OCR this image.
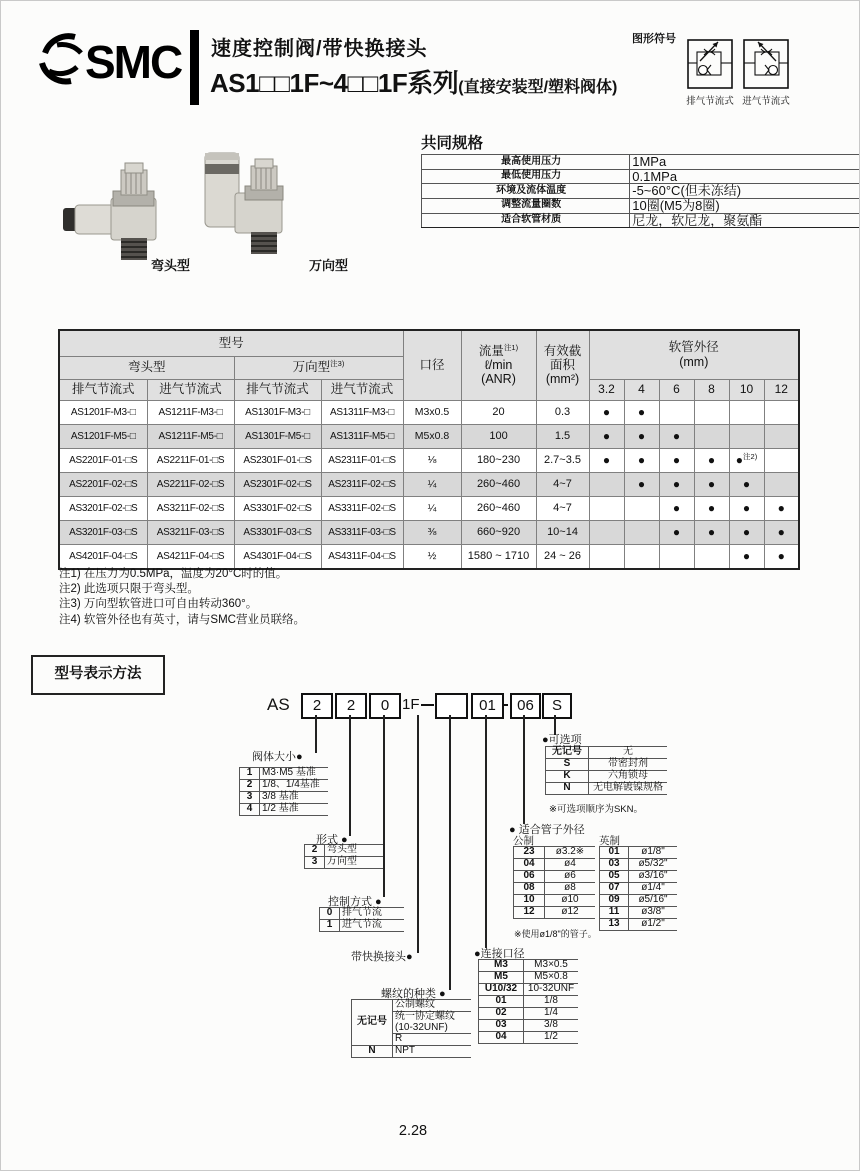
SMC 速度控制阀/带快换接头
AS1□□1F~4□□1F系列(直接安装型/塑料阀体)
图形符号
排气节流式 进气节流式
弯头型	万向型
共同规格
最高使用压力	1MPa
最低使用压力	0.1MPa
环境及流体温度	-5~60°C(但未冻结)
调整流量圈数	10圈(M5为8圈)
适合软管材质	尼龙，软尼龙，聚氨酯
型号				口径	流量$^{注1)}$
ℓ/min
(ANR)	有效截
面积
(mm²)	软管外径
(mm)					
弯头型		万向型$^{注3)}$
排气节流式	进气节流式	排气节流式	进气节流式				3.2	4	6	8	10	12
AS1201F-M3-□	AS1211F-M3-□	AS1301F-M3-□	AS1311F-M3-□	M3x0.5	20	0.3	●	●				
AS1201F-M5-□	AS1211F-M5-□	AS1301F-M5-□	AS1311F-M5-□	M5x0.8	100	1.5	●	●	●			
AS2201F-01-□S	AS2211F-01-□S	AS2301F-01-□S	AS2311F-01-□S	⅛	180~230	2.7~3.5	●	●	●	●	●$^{注2)}$	
AS2201F-02-□S	AS2211F-02-□S	AS2301F-02-□S	AS2311F-02-□S	¼	260~460	4~7		●	●	●	●	
AS3201F-02-□S	AS3211F-02-□S	AS3301F-02-□S	AS3311F-02-□S	¼	260~460	4~7			●	●	●	●
AS3201F-03-□S	AS3211F-03-□S	AS3301F-03-□S	AS3311F-03-□S	⅜	660~920	10~14			●	●	●	●
AS4201F-04-□S	AS4211F-04-□S	AS4301F-04-□S	AS4311F-04-□S	½	1580 ~ 1710	24 ~ 26					●	●
注1) 在压力为0.5MPa，温度为20°C时的值。
注2) 此选项只限于弯头型。
注3) 万向型软管进口可自由转动360°。
注4) 软管外径也有英寸，请与SMC营业员联络。
型号表示方法
AS	2	2	0 1F	01	06	S
阀体大小●
形式 ●
控制方式 ●
带快换接头●
螺纹的种类 ●
●连接口径
● 适合管子外径
●可选项
公制	英制
1	M3·M5 基准
2	1/8、1/4基准
3	3/8 基准
4	1/2 基准
2	弯头型
3	万向型
0	排气节流
1	进气节流
无记号	公制螺纹
	统一协定螺纹 (10-32UNF)
	R
N	NPT
无记号	无
S	带密封剂
K	六角锁母
N	无电解镀镍规格
23	ø3.2※
04	ø4
06	ø6
08	ø8
10	ø10
12	ø12
01	ø1/8"
03	ø5/32"
05	ø3/16"
07	ø1/4"
09	ø5/16"
11	ø3/8"
13	ø1/2"
M3	M3×0.5
M5	M5×0.8
U10/32	10-32UNF
01	1/8
02	1/4
03	3/8
04	1/2
※可选项顺序为SKN。
※使用ø1/8"的管子。
2.28
